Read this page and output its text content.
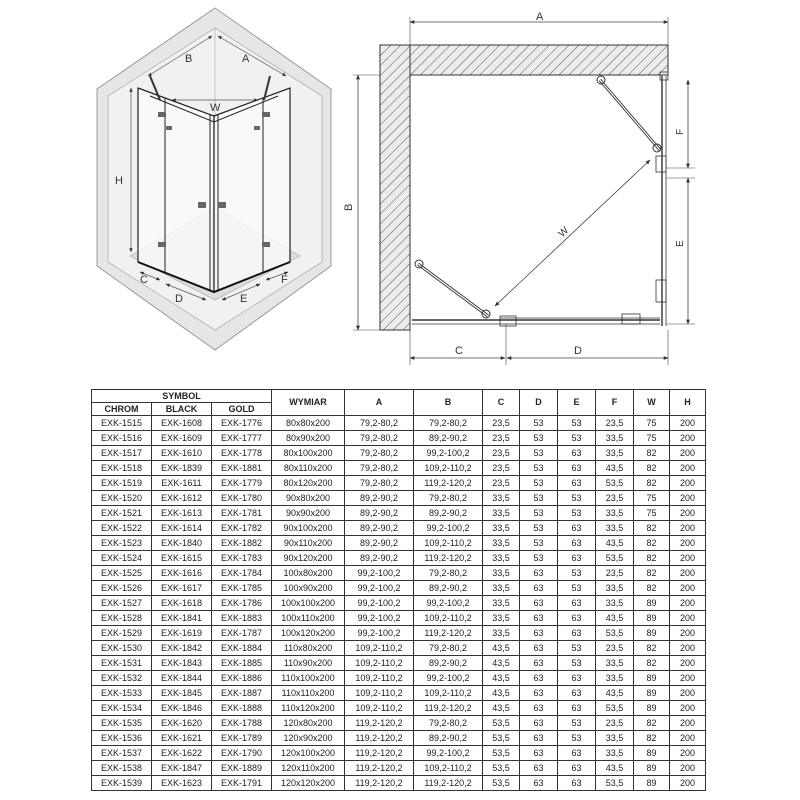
B	A
W
H
C
D	E
F
A
B
W
F
E
C	D
SYMBOL			WYMIAR	A	B	C	D	E	F	W	H
CHROM	BLACK	GOLD									
EXK-1515	EXK-1608	EXK-1776	80x80x200	79,2-80,2	79,2-80,2	23,5	53	53	23,5	75	200
EXK-1516	EXK-1609	EXK-1777	80x90x200	79,2-80,2	89,2-90,2	23,5	53	53	33,5	75	200
EXK-1517	EXK-1610	EXK-1778	80x100x200	79,2-80,2	99,2-100,2	23,5	53	63	33,5	82	200
EXK-1518	EXK-1839	EXK-1881	80x110x200	79,2-80,2	109,2-110,2	23,5	53	63	43,5	82	200
EXK-1519	EXK-1611	EXK-1779	80x120x200	79,2-80,2	119,2-120,2	23,5	53	63	53,5	82	200
EXK-1520	EXK-1612	EXK-1780	90x80x200	89,2-90,2	79,2-80,2	33,5	53	53	23,5	75	200
EXK-1521	EXK-1613	EXK-1781	90x90x200	89,2-90,2	89,2-90,2	33,5	53	53	33,5	75	200
EXK-1522	EXK-1614	EXK-1782	90x100x200	89,2-90,2	99,2-100,2	33,5	53	63	33,5	82	200
EXK-1523	EXK-1840	EXK-1882	90x110x200	89,2-90,2	109,2-110,2	33,5	53	63	43,5	82	200
EXK-1524	EXK-1615	EXK-1783	90x120x200	89,2-90,2	119,2-120,2	33,5	53	63	53,5	82	200
EXK-1525	EXK-1616	EXK-1784	100x80x200	99,2-100,2	79,2-80,2	33,5	63	53	23,5	82	200
EXK-1526	EXK-1617	EXK-1785	100x90x200	99,2-100,2	89,2-90,2	33,5	63	53	33,5	82	200
EXK-1527	EXK-1618	EXK-1786	100x100x200	99,2-100,2	99,2-100,2	33,5	63	63	33,5	89	200
EXK-1528	EXK-1841	EXK-1883	100x110x200	99,2-100,2	109,2-110,2	33,5	63	63	43,5	89	200
EXK-1529	EXK-1619	EXK-1787	100x120x200	99,2-100,2	119,2-120,2	33,5	63	63	53,5	89	200
EXK-1530	EXK-1842	EXK-1884	110x80x200	109,2-110,2	79,2-80,2	43,5	63	53	23,5	82	200
EXK-1531	EXK-1843	EXK-1885	110x90x200	109,2-110,2	89,2-90,2	43,5	63	53	33,5	82	200
EXK-1532	EXK-1844	EXK-1886	110x100x200	109,2-110,2	99,2-100,2	43,5	63	63	33,5	89	200
EXK-1533	EXK-1845	EXK-1887	110x110x200	109,2-110,2	109,2-110,2	43,5	63	63	43,5	89	200
EXK-1534	EXK-1846	EXK-1888	110x120x200	109,2-110,2	119,2-120,2	43,5	63	63	53,5	89	200
EXK-1535	EXK-1620	EXK-1788	120x80x200	119,2-120,2	79,2-80,2	53,5	63	53	23,5	82	200
EXK-1536	EXK-1621	EXK-1789	120x90x200	119,2-120,2	89,2-90,2	53,5	63	53	33,5	82	200
EXK-1537	EXK-1622	EXK-1790	120x100x200	119,2-120,2	99,2-100,2	53,5	63	63	33,5	89	200
EXK-1538	EXK-1847	EXK-1889	120x110x200	119,2-120,2	109,2-110,2	53,5	63	63	43,5	89	200
EXK-1539	EXK-1623	EXK-1791	120x120x200	119,2-120,2	119,2-120,2	53,5	63	63	53,5	89	200
